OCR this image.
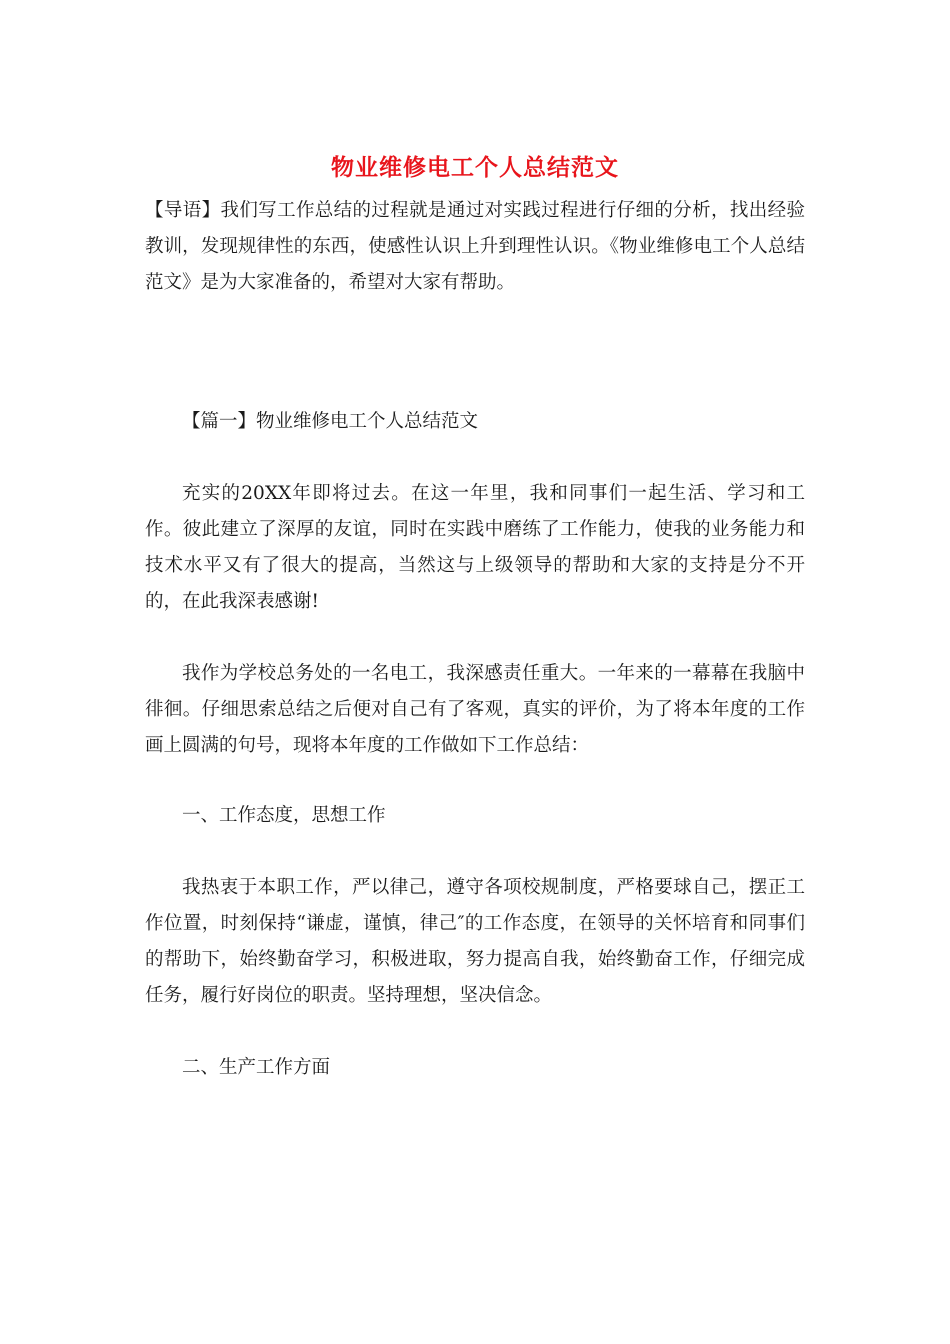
物业维修电工个人总结范文

【导语】我们写工作总结的过程就是通过对实践过程进行仔细的分析，找出经验教训，发现规律性的东西，使感性认识上升到理性认识。《物业维修电工个人总结范文》是为大家准备的，希望对大家有帮助。

【篇一】物业维修电工个人总结范文

充实的20XX年即将过去。在这一年里，我和同事们一起生活、学习和工作。彼此建立了深厚的友谊，同时在实践中磨练了工作能力，使我的业务能力和技术水平又有了很大的提高，当然这与上级领导的帮助和大家的支持是分不开的，在此我深表感谢!

我作为学校总务处的一名电工，我深感责任重大。一年来的一幕幕在我脑中徘徊。仔细思索总结之后便对自己有了客观，真实的评价，为了将本年度的工作画上圆满的句号，现将本年度的工作做如下工作总结：

一、工作态度，思想工作

我热衷于本职工作，严以律己，遵守各项校规制度，严格要球自己，摆正工作位置，时刻保持“谦虚，谨慎，律己″的工作态度，在领导的关怀培育和同事们的帮助下，始终勤奋学习，积极进取，努力提高自我，始终勤奋工作，仔细完成任务，履行好岗位的职责。坚持理想，坚决信念。

二、生产工作方面
